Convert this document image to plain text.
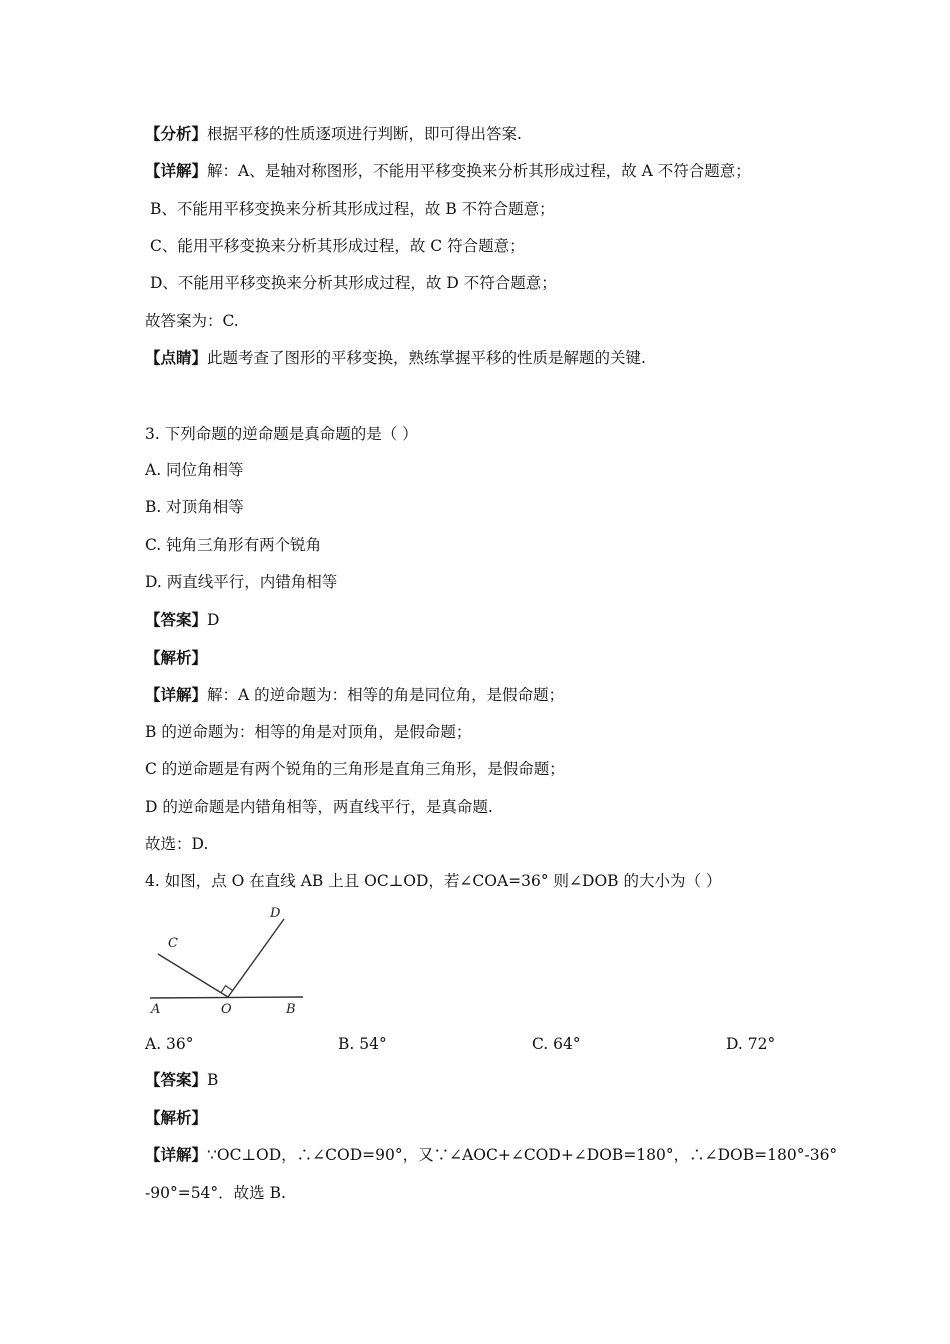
【分析】根据平移的性质逐项进行判断，即可得出答案.
【详解】解：A、是轴对称图形，不能用平移变换来分析其形成过程，故 A 不符合题意；
B、不能用平移变换来分析其形成过程，故 B 不符合题意；
C、能用平移变换来分析其形成过程，故 C 符合题意；
D、不能用平移变换来分析其形成过程，故 D 不符合题意；
故答案为：C.
【点睛】此题考查了图形的平移变换，熟练掌握平移的性质是解题的关键.
3. 下列命题的逆命题是真命题的是（ ）
A. 同位角相等
B. 对顶角相等
C. 钝角三角形有两个锐角
D. 两直线平行，内错角相等
【答案】D
【解析】
【详解】解：A 的逆命题为：相等的角是同位角，是假命题；
B 的逆命题为：相等的角是对顶角，是假命题；
C 的逆命题是有两个锐角的三角形是直角三角形，是假命题；
D 的逆命题是内错角相等，两直线平行，是真命题.
故选：D.
4. 如图，点 O 在直线 AB 上且 OC⊥OD，若∠COA=36° 则∠DOB 的大小为（ ）
C
D
A	O	B
A. 36°	B. 54°	C. 64°	D. 72°
【答案】B
【解析】
【详解】∵OC⊥OD，∴∠COD=90°，又∵∠AOC+∠COD+∠DOB=180°，∴∠DOB=180°-36°
-90°=54°．故选 B.
